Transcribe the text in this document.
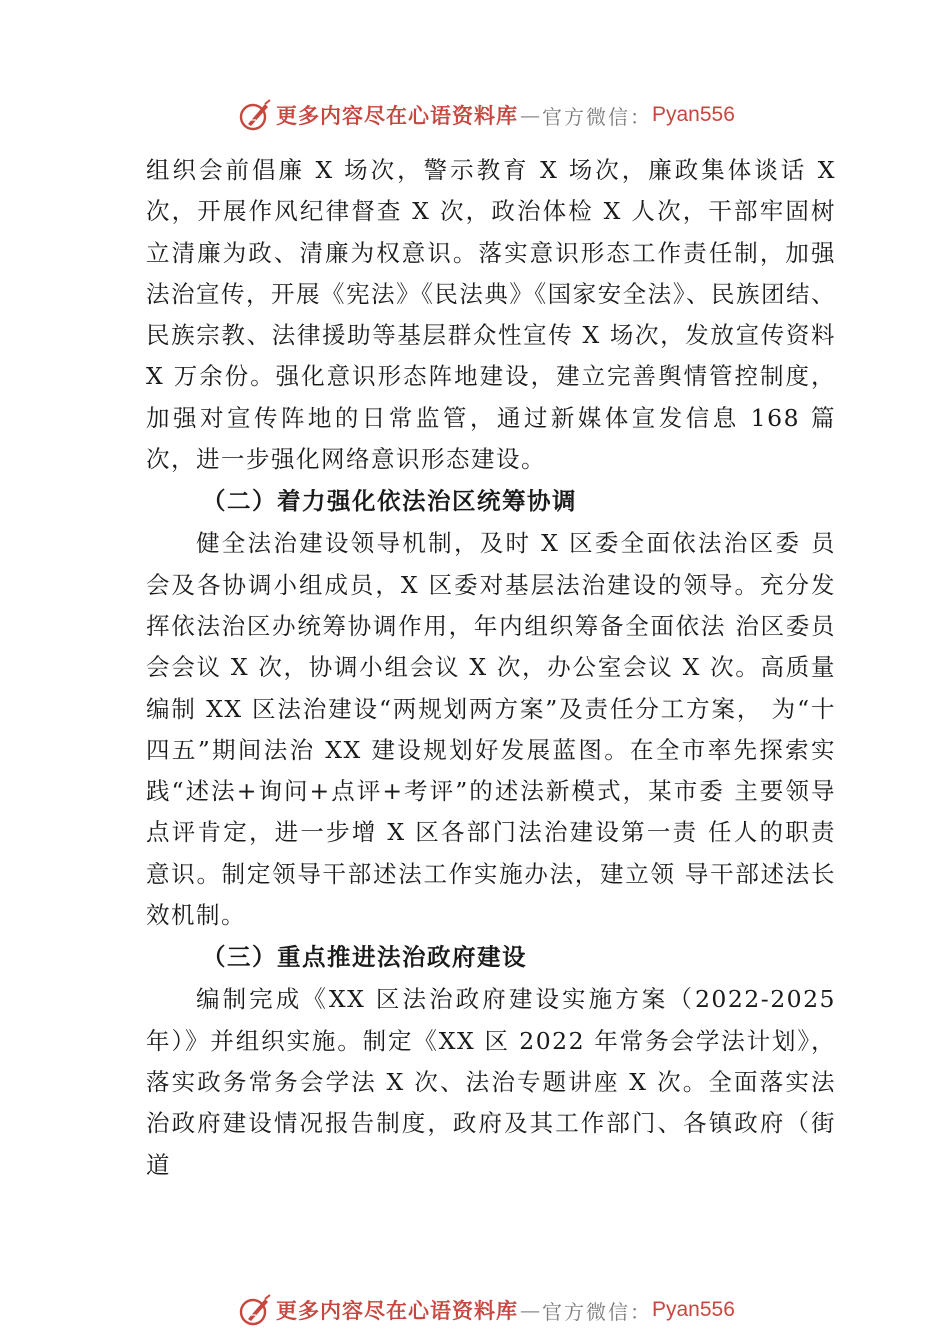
更多内容尽在心语资料库 — 官方微信： Pyan556

组织会前倡廉 X 场次，警示教育 X 场次，廉政集体谈话 X 次，开展作风纪律督查 X 次，政治体检 X 人次，干部牢固树立清廉为政、清廉为权意识。落实意识形态工作责任制，加强法治宣传，开展《宪法》《民法典》《国家安全法》、民族团结、民族宗教、法律援助等基层群众性宣传 X 场次，发放宣传资料 X 万余份。强化意识形态阵地建设，建立完善舆情管控制度，加强对宣传阵地的日常监管，通过新媒体宣发信息 168 篇次，进一步强化网络意识形态建设。

（二）着力强化依法治区统筹协调

健全法治建设领导机制，及时 X 区委全面依法治区委 员会及各协调小组成员，X 区委对基层法治建设的领导。充分发挥依法治区办统筹协调作用，年内组织筹备全面依法 治区委员会会议 X 次，协调小组会议 X 次，办公室会议 X 次。高质量编制 XX 区法治建设“两规划两方案”及责任分工方案， 为“十四五”期间法治 XX 建设规划好发展蓝图。在全市率先探索实践“述法+询问+点评+考评”的述法新模式，某市委 主要领导点评肯定，进一步增 X 区各部门法治建设第一责 任人的职责意识。制定领导干部述法工作实施办法，建立领 导干部述法长效机制。

（三）重点推进法治政府建设

编制完成《XX 区法治政府建设实施方案（2022-2025 年）》并组织实施。制定《XX 区 2022 年常务会学法计划》，落实政务常务会学法 X 次、法治专题讲座 X 次。全面落实法治政府建设情况报告制度，政府及其工作部门、各镇政府（街道

更多内容尽在心语资料库 — 官方微信： Pyan556
